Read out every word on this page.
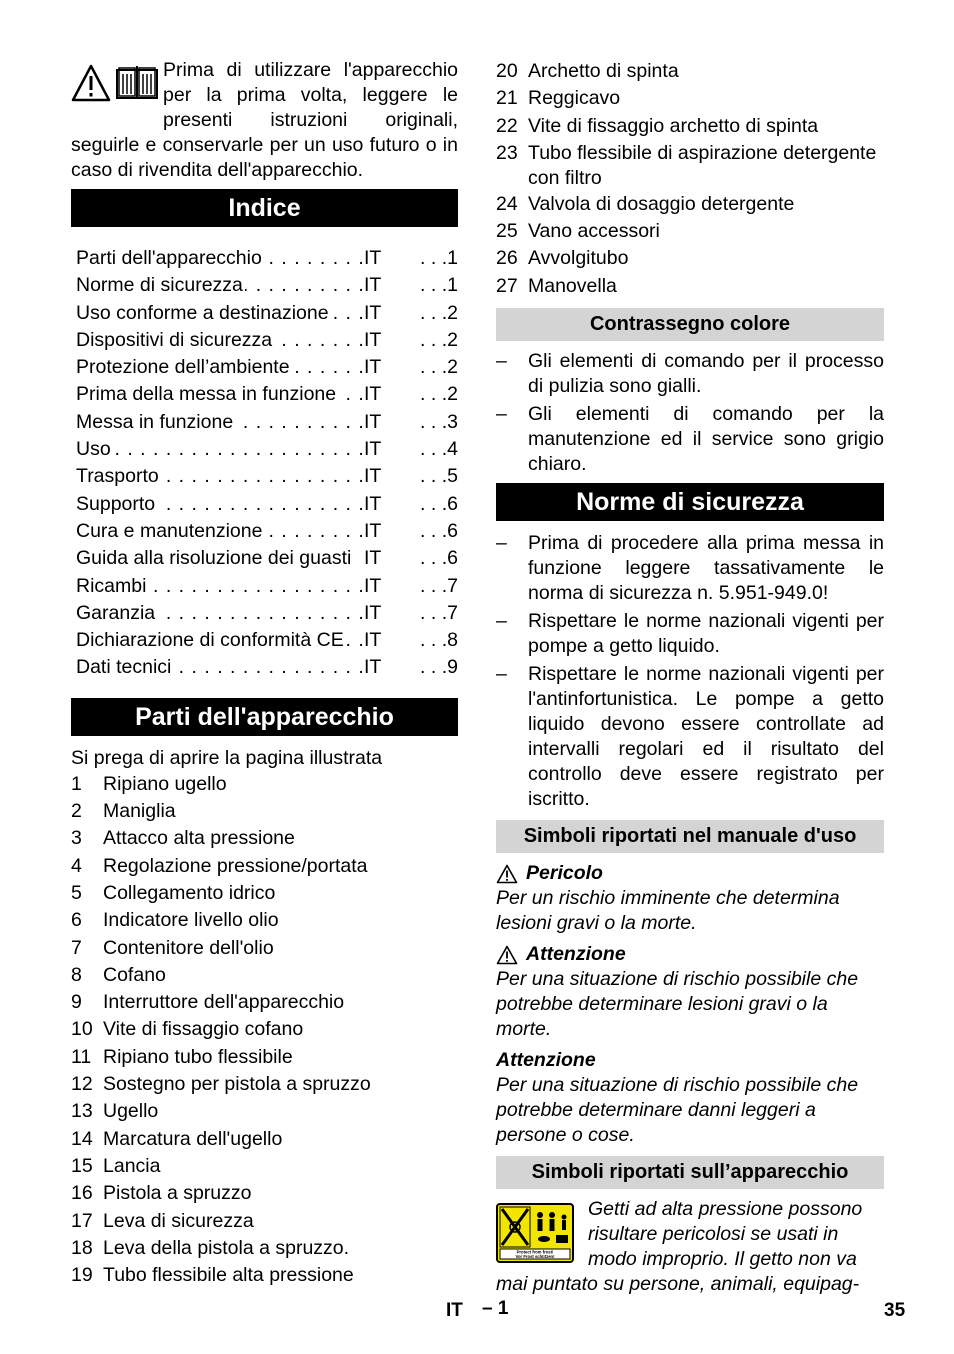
Prima di utilizzare l'apparecchio per la prima volta, leggere le presenti istruzioni originali, seguirle e conservarle per un uso futuro o in caso di rivendita dell'apparecchio.
Indice
Parti dell'apparecchio . . .	IT	. . .1
Norme di sicurezza . . .	IT	. . .1
Uso conforme a destinazione . . .	IT	. . .2
Dispositivi di sicurezza . . .	IT	. . .2
Protezione dell’ambiente . . .	IT	. . .2
Prima della messa in funzione . . .	IT	. . .2
Messa in funzione . . .	IT	. . .3
Uso . . .	IT	. . .4
Trasporto . . .	IT	. . .5
Supporto . . .	IT	. . .6
Cura e manutenzione . . .	IT	. . .6
Guida alla risoluzione dei guasti IT	. . .6
Ricambi . . .	IT	. . .7
Garanzia . . .	IT	. . .7
Dichiarazione di conformità CE . . .	IT	. . .8
Dati tecnici . . .	IT	. . .9
Parti dell'apparecchio
Si prega di aprire la pagina illustrata
1	Ripiano ugello
2	Maniglia
3	Attacco alta pressione
4	Regolazione pressione/portata
5	Collegamento idrico
6	Indicatore livello olio
7	Contenitore dell'olio
8	Cofano
9	Interruttore dell'apparecchio
10 Vite di fissaggio cofano
11 Ripiano tubo flessibile
12 Sostegno per pistola a spruzzo
13 Ugello
14 Marcatura dell'ugello
15 Lancia
16 Pistola a spruzzo
17 Leva di sicurezza
18 Leva della pistola a spruzzo.
19 Tubo flessibile alta pressione
20 Archetto di spinta
21 Reggicavo
22 Vite di fissaggio archetto di spinta
23 Tubo flessibile di aspirazione detergente con filtro
24 Valvola di dosaggio detergente
25 Vano accessori
26 Avvolgitubo
27 Manovella
Contrassegno colore
–	Gli elementi di comando per il processo di pulizia sono gialli.
–	Gli elementi di comando per la manutenzione ed il service sono grigio chiaro.
Norme di sicurezza
–	Prima di procedere alla prima messa in funzione leggere tassativamente le norma di sicurezza n. 5.951-949.0!
–	Rispettare le norme nazionali vigenti per pompe a getto liquido.
–	Rispettare le norme nazionali vigenti per l'antinfortunistica. Le pompe a getto liquido devono essere controllate ad intervalli regolari ed il risultato del controllo deve essere registrato per iscritto.
Simboli riportati nel manuale d'uso
Pericolo
Per un rischio imminente che determina lesioni gravi o la morte.
Attenzione
Per una situazione di rischio possibile che potrebbe determinare lesioni gravi o la morte.
Attenzione
Per una situazione di rischio possibile che potrebbe determinare danni leggeri a persone o cose.
Simboli riportati sull’apparecchio
Protect from frost!
Vor Frost schützen!
Getti ad alta pressione possono risultare pericolosi se usati in modo improprio. Il getto non va mai puntato su persone, animali, equipag-
IT – 1	35
